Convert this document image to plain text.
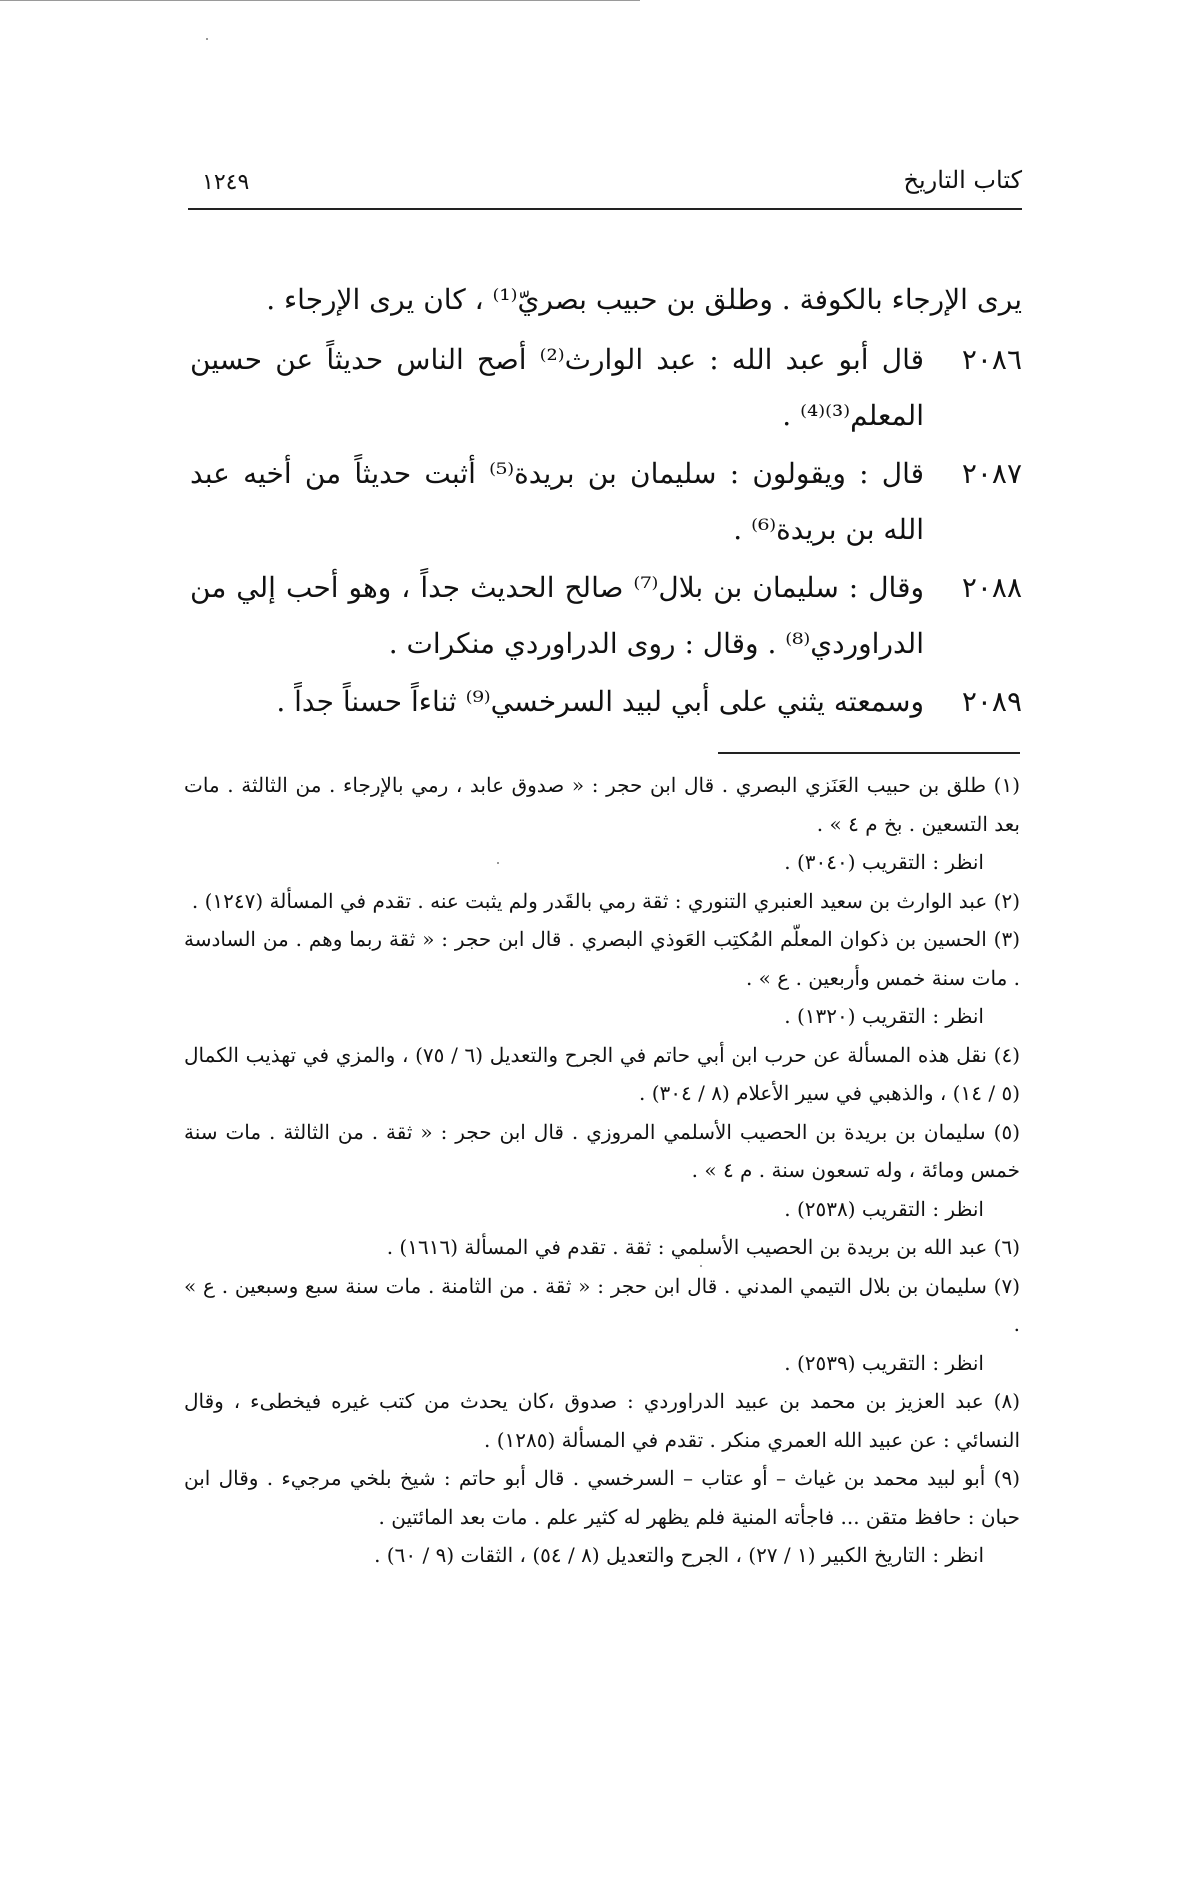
كتاب التاريخ
١٢٤٩

يرى الإرجاء بالكوفة . وطلق بن حبيب بصريّ⁽¹⁾ ، كان يرى الإرجاء .

٢٠٨٦
قال أبو عبد الله : عبد الوارث⁽²⁾ أصح الناس حديثاً عن حسين المعلم⁽³⁾⁽⁴⁾ .
٢٠٨٧
قال : ويقولون : سليمان بن بريدة⁽⁵⁾ أثبت حديثاً من أخيه عبد الله بن بريدة⁽⁶⁾ .
٢٠٨٨
وقال : سليمان بن بلال⁽⁷⁾ صالح الحديث جداً ، وهو أحب إلي من الدراوردي⁽⁸⁾ . وقال : روى الدراوردي منكرات .
٢٠٨٩
وسمعته يثني على أبي لبيد السرخسي⁽⁹⁾ ثناءاً حسناً جداً .
(١) طلق بن حبيب العَنَزي البصري . قال ابن حجر : « صدوق عابد ، رمي بالإرجاء . من الثالثة . مات بعد التسعين . بخ م ٤ » .
انظر : التقريب (٣٠٤٠) .
(٢) عبد الوارث بن سعيد العنبري التنوري : ثقة رمي بالقَدر ولم يثبت عنه . تقدم في المسألة (١٢٤٧) .
(٣) الحسين بن ذكوان المعلّم المُكتِب العَوذي البصري . قال ابن حجر : « ثقة ربما وهم . من السادسة . مات سنة خمس وأربعين . ع » .
انظر : التقريب (١٣٢٠) .
(٤) نقل هذه المسألة عن حرب ابن أبي حاتم في الجرح والتعديل (٦ / ٧٥) ، والمزي في تهذيب الكمال (٥ / ١٤) ، والذهبي في سير الأعلام (٨ / ٣٠٤) .
(٥) سليمان بن بريدة بن الحصيب الأسلمي المروزي . قال ابن حجر : « ثقة . من الثالثة . مات سنة خمس ومائة ، وله تسعون سنة . م ٤ » .
انظر : التقريب (٢٥٣٨) .
(٦) عبد الله بن بريدة بن الحصيب الأسلمي : ثقة . تقدم في المسألة (١٦١٦) .
(٧) سليمان بن بلال التيمي المدني . قال ابن حجر : « ثقة . من الثامنة . مات سنة سبع وسبعين . ع » .
انظر : التقريب (٢٥٣٩) .
(٨) عبد العزيز بن محمد بن عبيد الدراوردي : صدوق ،كان يحدث من كتب غيره فيخطىء ، وقال النسائي : عن عبيد الله العمري منكر . تقدم في المسألة (١٢٨٥) .
(٩) أبو لبيد محمد بن غياث – أو عتاب – السرخسي . قال أبو حاتم : شيخ بلخي مرجيء . وقال ابن حبان : حافظ متقن ... فاجأته المنية فلم يظهر له كثير علم . مات بعد المائتين .
انظر : التاريخ الكبير (١ / ٢٧) ، الجرح والتعديل (٨ / ٥٤) ، الثقات (٩ / ٦٠) .
